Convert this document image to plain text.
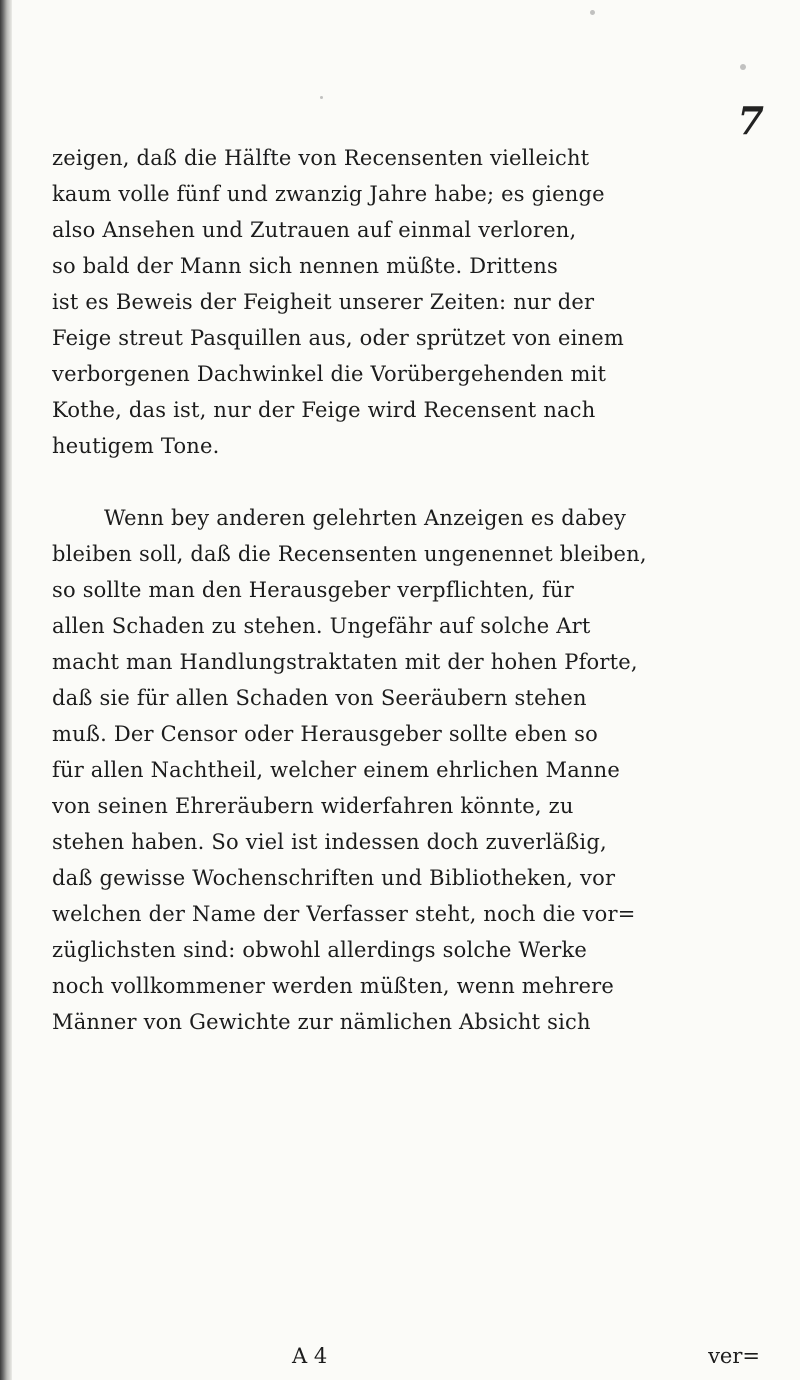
7
zeigen, daß die Hälfte von Recensenten vielleicht
kaum volle fünf und zwanzig Jahre habe; es gienge
also Ansehen und Zutrauen auf einmal verloren,
so bald der Mann sich nennen müßte. Drittens
ist es Beweis der Feigheit unserer Zeiten: nur der
Feige streut Pasquillen aus, oder sprützet von einem
verborgenen Dachwinkel die Vorübergehenden mit
Kothe, das ist, nur der Feige wird Recensent nach
heutigem Tone.
Wenn bey anderen gelehrten Anzeigen es dabey
bleiben soll, daß die Recensenten ungenennet bleiben,
so sollte man den Herausgeber verpflichten, für
allen Schaden zu stehen. Ungefähr auf solche Art
macht man Handlungstraktaten mit der hohen Pforte,
daß sie für allen Schaden von Seeräubern stehen
muß. Der Censor oder Herausgeber sollte eben so
für allen Nachtheil, welcher einem ehrlichen Manne
von seinen Ehreräubern widerfahren könnte, zu
stehen haben. So viel ist indessen doch zuverläßig,
daß gewisse Wochenschriften und Bibliotheken, vor
welchen der Name der Verfasser steht, noch die vor=
züglichsten sind: obwohl allerdings solche Werke
noch vollkommener werden müßten, wenn mehrere
Männer von Gewichte zur nämlichen Absicht sich
A 4	ver=
